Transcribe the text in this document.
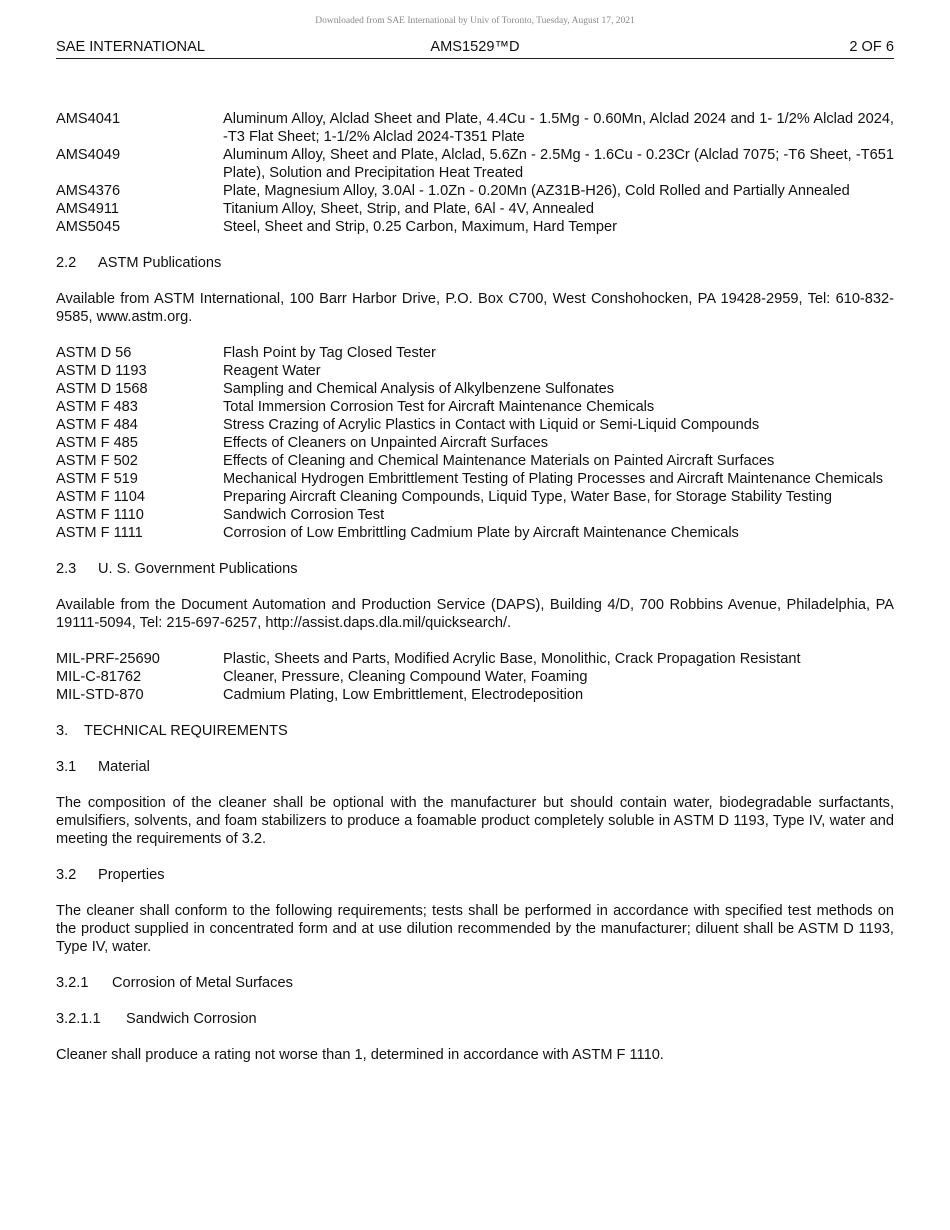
Downloaded from SAE International by Univ of Toronto, Tuesday, August 17, 2021
SAE INTERNATIONAL	AMS1529™D	2 OF 6
AMS4041	Aluminum Alloy, Alclad Sheet and Plate, 4.4Cu - 1.5Mg - 0.60Mn, Alclad 2024 and 1- 1/2% Alclad 2024, -T3 Flat Sheet; 1-1/2% Alclad 2024-T351 Plate
AMS4049	Aluminum Alloy, Sheet and Plate, Alclad, 5.6Zn - 2.5Mg - 1.6Cu - 0.23Cr (Alclad 7075; -T6 Sheet, -T651 Plate), Solution and Precipitation Heat Treated
AMS4376	Plate, Magnesium Alloy, 3.0Al - 1.0Zn - 0.20Mn (AZ31B-H26), Cold Rolled and Partially Annealed
AMS4911	Titanium Alloy, Sheet, Strip, and Plate, 6Al - 4V, Annealed
AMS5045	Steel, Sheet and Strip, 0.25 Carbon, Maximum, Hard Temper
2.2	ASTM Publications

Available from ASTM International, 100 Barr Harbor Drive, P.O. Box C700, West Conshohocken, PA 19428-2959, Tel: 610-832-9585, www.astm.org.

ASTM D 56	Flash Point by Tag Closed Tester
ASTM D 1193	Reagent Water
ASTM D 1568	Sampling and Chemical Analysis of Alkylbenzene Sulfonates
ASTM F 483	Total Immersion Corrosion Test for Aircraft Maintenance Chemicals
ASTM F 484	Stress Crazing of Acrylic Plastics in Contact with Liquid or Semi-Liquid Compounds
ASTM F 485	Effects of Cleaners on Unpainted Aircraft Surfaces
ASTM F 502	Effects of Cleaning and Chemical Maintenance Materials on Painted Aircraft Surfaces
ASTM F 519	Mechanical Hydrogen Embrittlement Testing of Plating Processes and Aircraft Maintenance Chemicals
ASTM F 1104	Preparing Aircraft Cleaning Compounds, Liquid Type, Water Base, for Storage Stability Testing
ASTM F 1110	Sandwich Corrosion Test
ASTM F 1111	Corrosion of Low Embrittling Cadmium Plate by Aircraft Maintenance Chemicals
2.3	U. S. Government Publications

Available from the Document Automation and Production Service (DAPS), Building 4/D, 700 Robbins Avenue, Philadelphia, PA 19111-5094, Tel: 215-697-6257, http://assist.daps.dla.mil/quicksearch/.

MIL-PRF-25690	Plastic, Sheets and Parts, Modified Acrylic Base, Monolithic, Crack Propagation Resistant
MIL-C-81762	Cleaner, Pressure, Cleaning Compound Water, Foaming
MIL-STD-870	Cadmium Plating, Low Embrittlement, Electrodeposition
3.	TECHNICAL REQUIREMENTS
3.1	Material

The composition of the cleaner shall be optional with the manufacturer but should contain water, biodegradable surfactants, emulsifiers, solvents, and foam stabilizers to produce a foamable product completely soluble in ASTM D 1193, Type IV, water and meeting the requirements of 3.2.

3.2	Properties

The cleaner shall conform to the following requirements; tests shall be performed in accordance with specified test methods on the product supplied in concentrated form and at use dilution recommended by the manufacturer; diluent shall be ASTM D 1193, Type IV, water.

3.2.1	Corrosion of Metal Surfaces
3.2.1.1	Sandwich Corrosion

Cleaner shall produce a rating not worse than 1, determined in accordance with ASTM F 1110.
